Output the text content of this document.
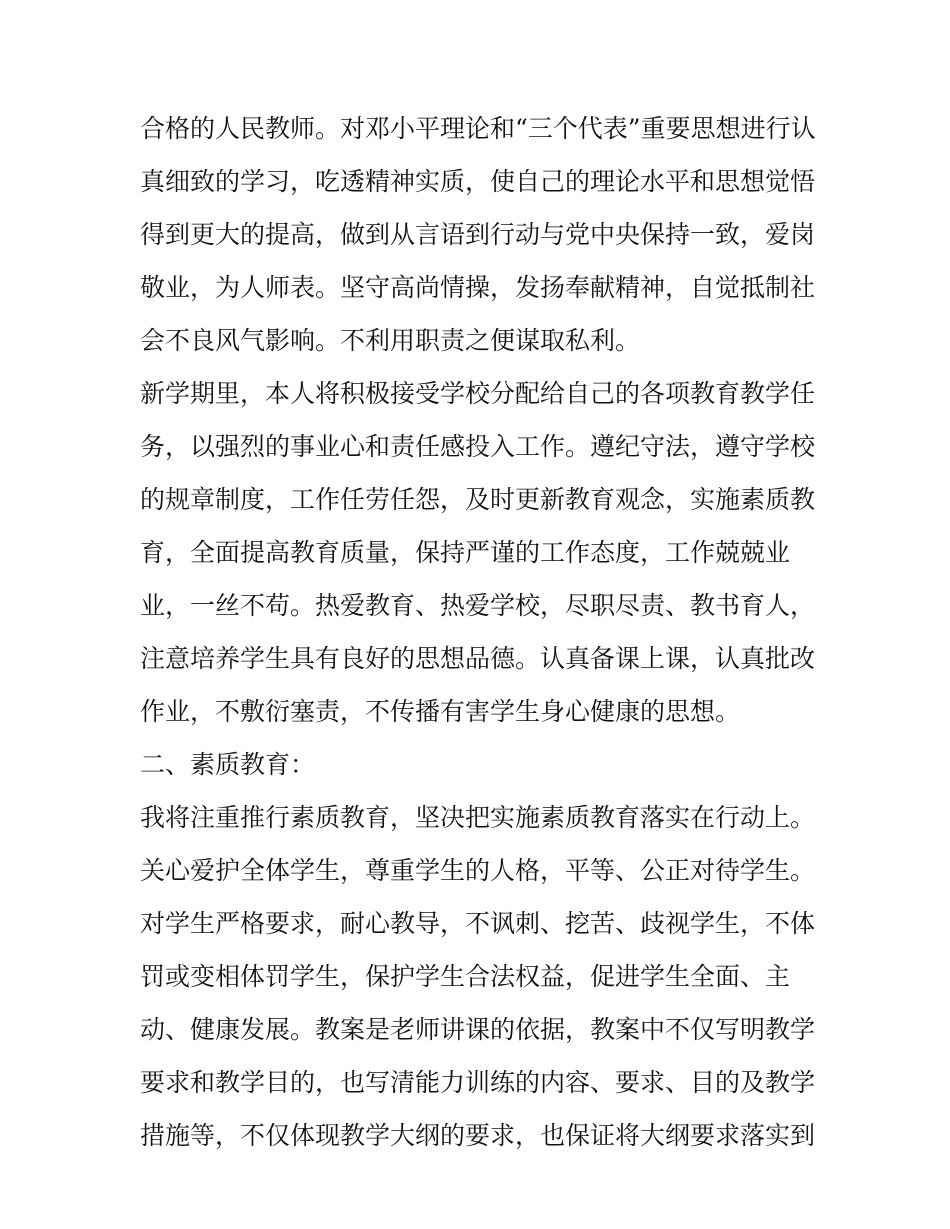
合格的人民教师。对邓小平理论和“三个代表”重要思想进行认
真细致的学习，吃透精神实质，使自己的理论水平和思想觉悟
得到更大的提高，做到从言语到行动与党中央保持一致，爱岗
敬业，为人师表。坚守高尚情操，发扬奉献精神，自觉抵制社
会不良风气影响。不利用职责之便谋取私利。
新学期里，本人将积极接受学校分配给自己的各项教育教学任
务，以强烈的事业心和责任感投入工作。遵纪守法，遵守学校
的规章制度，工作任劳任怨，及时更新教育观念，实施素质教
育，全面提高教育质量，保持严谨的工作态度，工作兢兢业
业，一丝不苟。热爱教育、热爱学校，尽职尽责、教书育人，
注意培养学生具有良好的思想品德。认真备课上课，认真批改
作业，不敷衍塞责，不传播有害学生身心健康的思想。
二、素质教育：
我将注重推行素质教育，坚决把实施素质教育落实在行动上。
关心爱护全体学生，尊重学生的人格，平等、公正对待学生。
对学生严格要求，耐心教导，不讽刺、挖苦、歧视学生，不体
罚或变相体罚学生，保护学生合法权益，促进学生全面、主
动、健康发展。教案是老师讲课的依据，教案中不仅写明教学
要求和教学目的，也写清能力训练的内容、要求、目的及教学
措施等，不仅体现教学大纲的要求，也保证将大纲要求落实到
